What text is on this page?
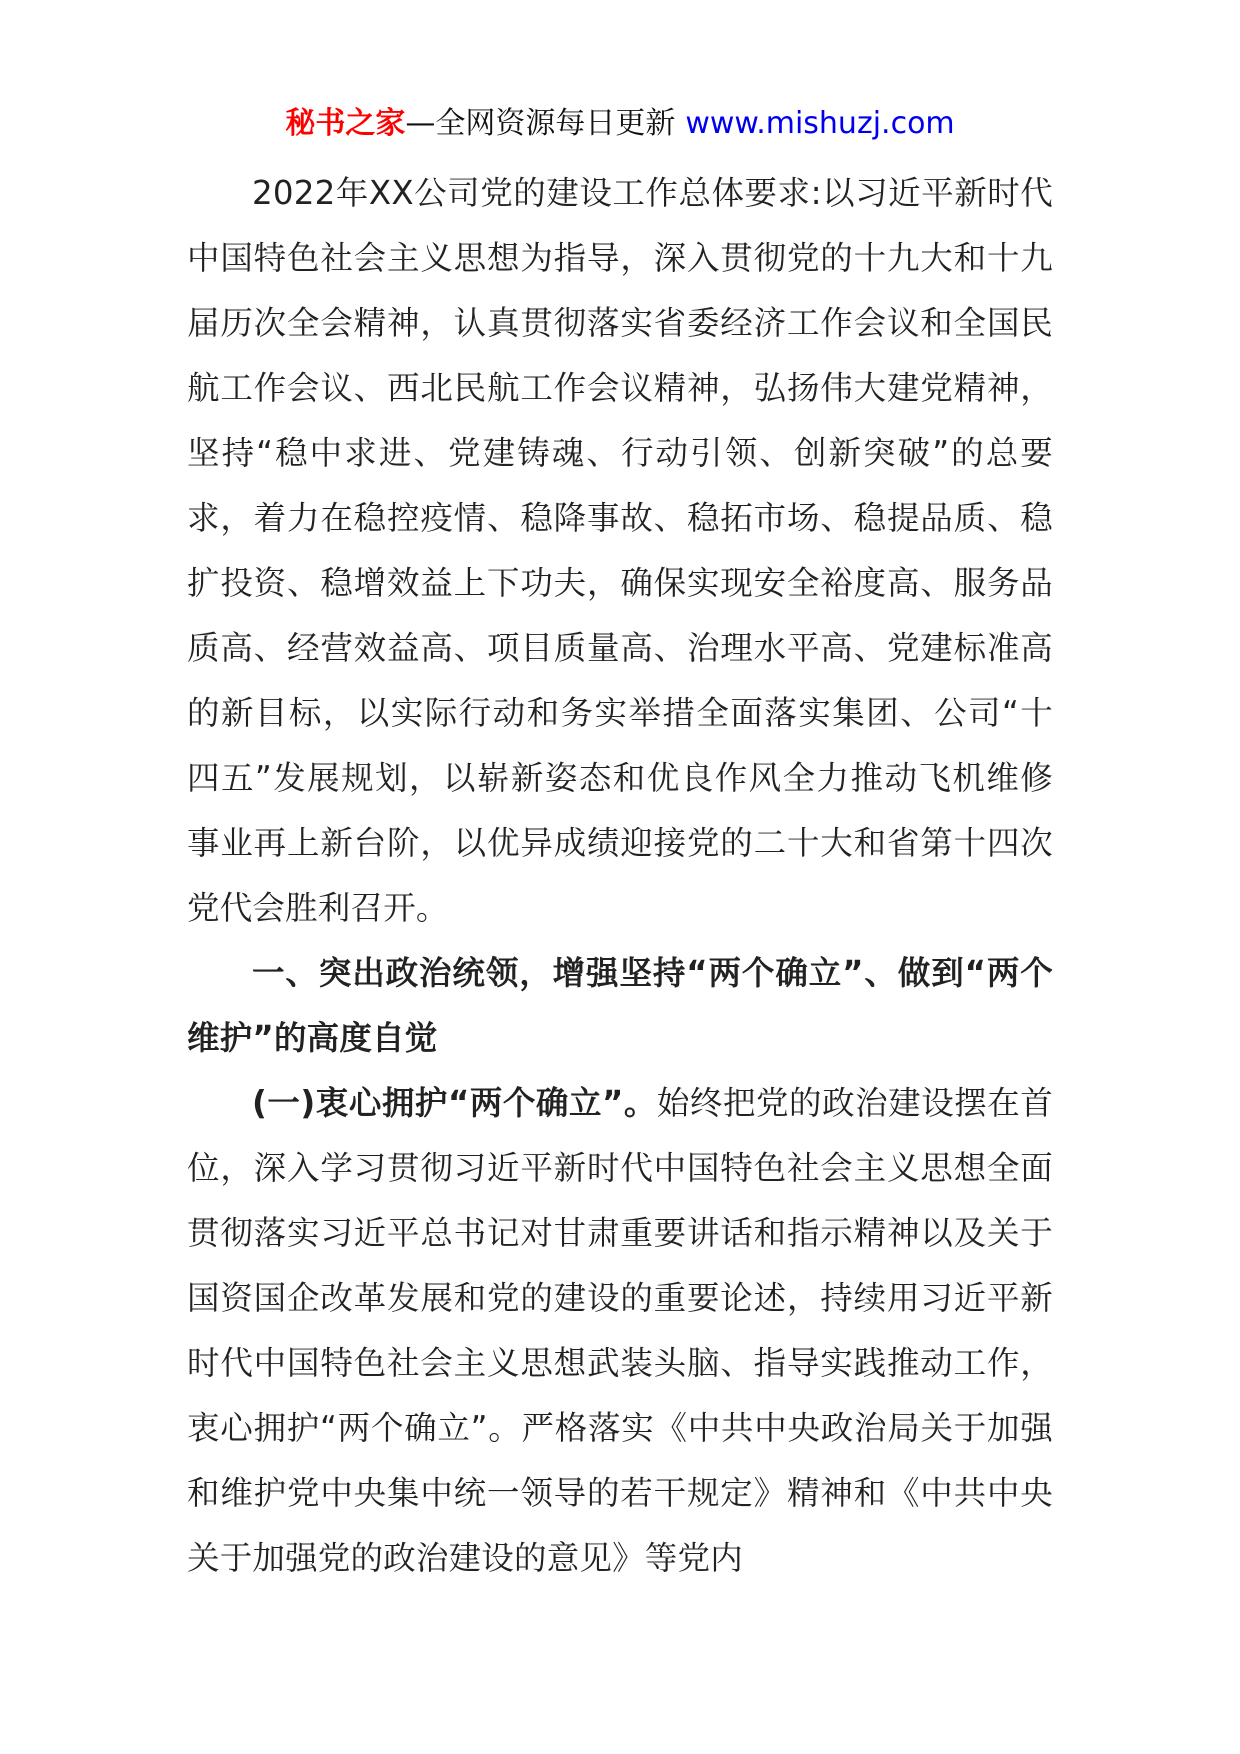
秘书之家—全网资源每日更新 www.mishuzj.com

2022年XX公司党的建设工作总体要求:以习近平新时代中国特色社会主义思想为指导，深入贯彻党的十九大和十九届历次全会精神，认真贯彻落实省委经济工作会议和全国民航工作会议、西北民航工作会议精神，弘扬伟大建党精神，坚持“稳中求进、党建铸魂、行动引领、创新突破”的总要求，着力在稳控疫情、稳降事故、稳拓市场、稳提品质、稳扩投资、稳增效益上下功夫，确保实现安全裕度高、服务品质高、经营效益高、项目质量高、治理水平高、党建标准高的新目标，以实际行动和务实举措全面落实集团、公司“十四五”发展规划，以崭新姿态和优良作风全力推动飞机维修事业再上新台阶，以优异成绩迎接党的二十大和省第十四次党代会胜利召开。

一、突出政治统领，增强坚持“两个确立”、做到“两个维护”的高度自觉

(一)衷心拥护“两个确立”。始终把党的政治建设摆在首位，深入学习贯彻习近平新时代中国特色社会主义思想全面贯彻落实习近平总书记对甘肃重要讲话和指示精神以及关于国资国企改革发展和党的建设的重要论述，持续用习近平新时代中国特色社会主义思想武装头脑、指导实践推动工作，衷心拥护“两个确立”。严格落实《中共中央政治局关于加强和维护党中央集中统一领导的若干规定》精神和《中共中央关于加强党的政治建设的意见》等党内
